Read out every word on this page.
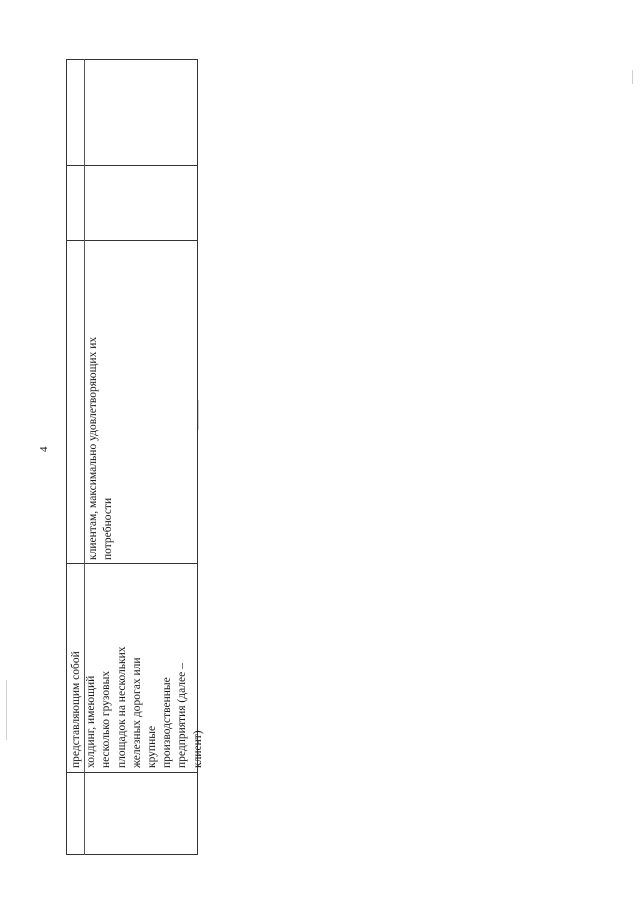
4
представляющим собой
холдинг, имеющий
несколько грузовых
площадок на нескольких
железных дорогах или
крупные
производственные
предприятия (далее –
клиент)
клиентам, максимально удовлетворяющих их
потребности
